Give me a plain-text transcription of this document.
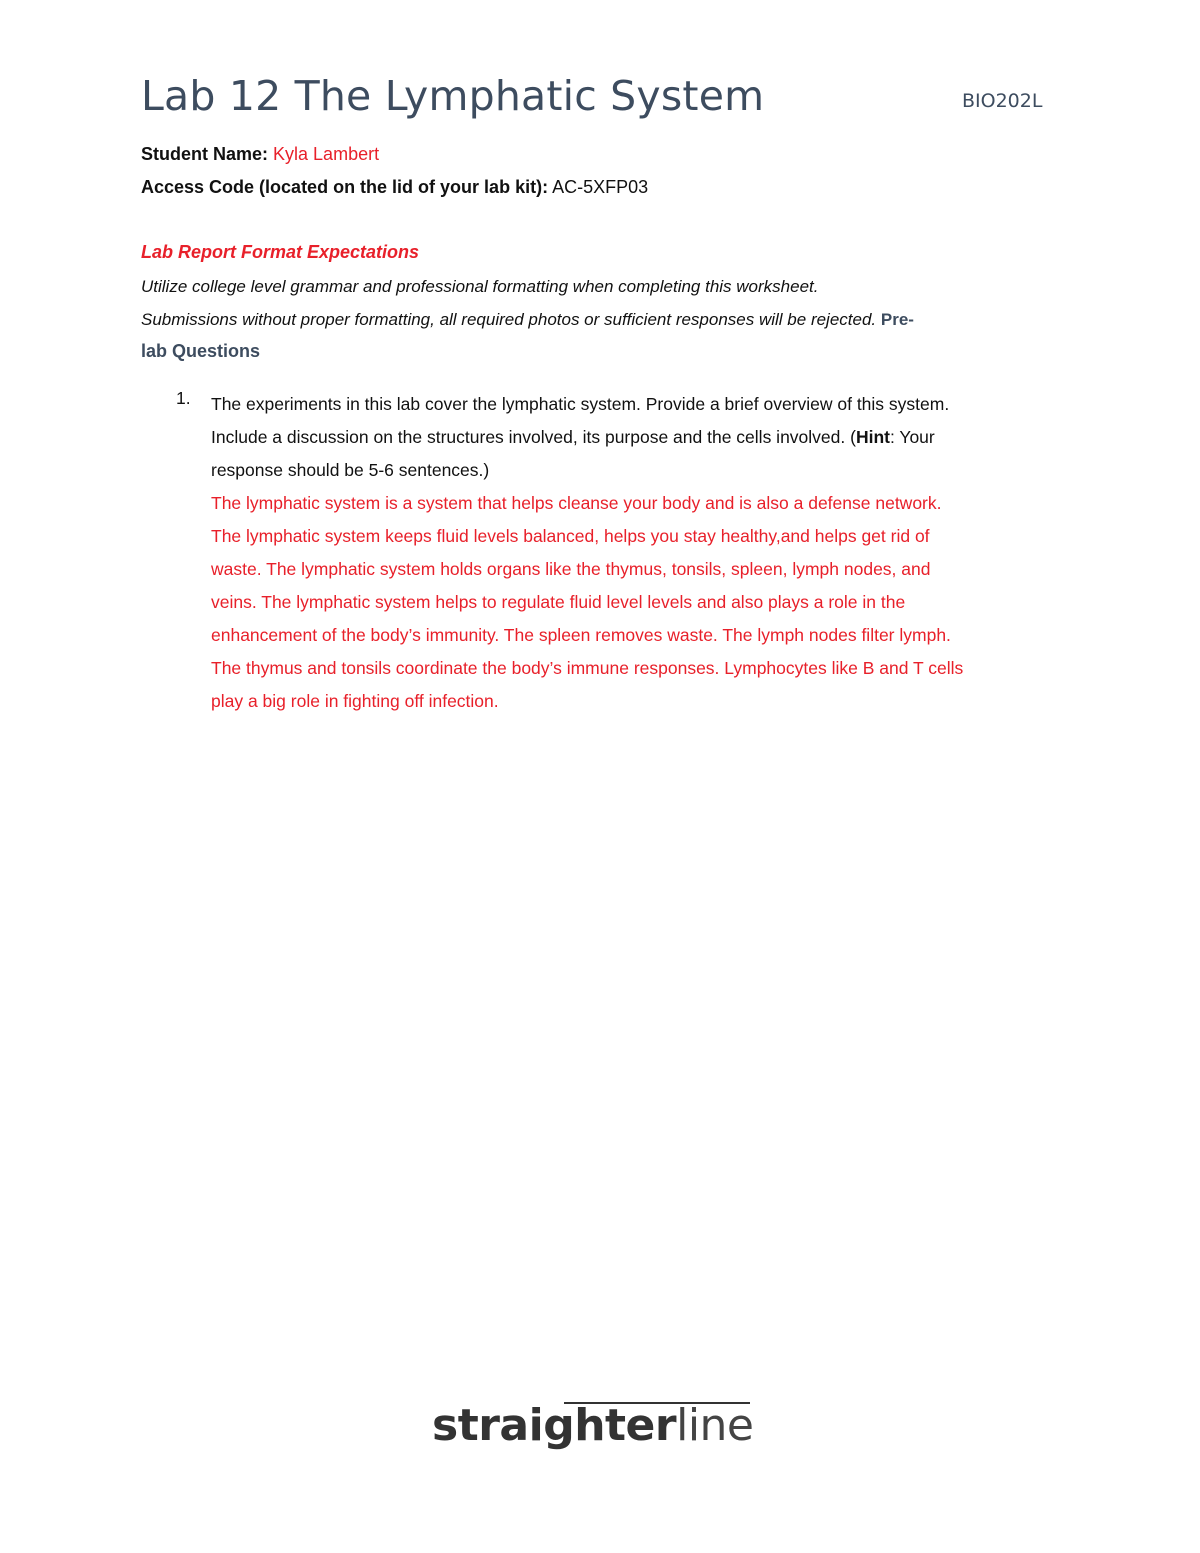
Lab 12 The Lymphatic System	BIO202L
Student Name: Kyla Lambert
Access Code (located on the lid of your lab kit): AC-5XFP03
Lab Report Format Expectations
Utilize college level grammar and professional formatting when completing this worksheet.
Submissions without proper formatting, all required photos or sufficient responses will be rejected. Pre-
lab Questions
1. The experiments in this lab cover the lymphatic system. Provide a brief overview of this system.
Include a discussion on the structures involved, its purpose and the cells involved. (Hint: Your
response should be 5-6 sentences.)
The lymphatic system is a system that helps cleanse your body and is also a defense network.
The lymphatic system keeps fluid levels balanced, helps you stay healthy,and helps get rid of
waste. The lymphatic system holds organs like the thymus, tonsils, spleen, lymph nodes, and
veins. The lymphatic system helps to regulate fluid level levels and also plays a role in the
enhancement of the body’s immunity. The spleen removes waste. The lymph nodes filter lymph.
The thymus and tonsils coordinate the body’s immune responses. Lymphocytes like B and T cells
play a big role in fighting off infection.
straighterline
